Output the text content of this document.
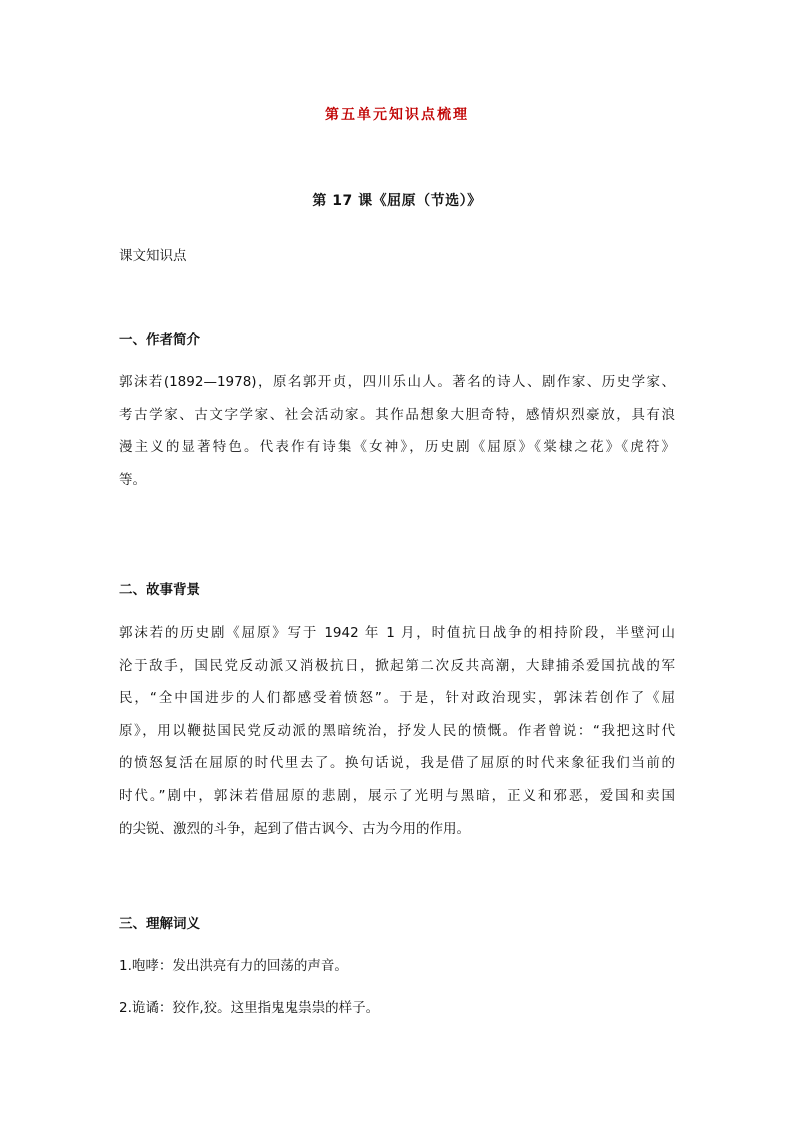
第五单元知识点梳理
第 17 课《屈原（节选）》
课文知识点
一、作者简介
郭沫若(1892—1978)，原名郭开贞，四川乐山人。著名的诗人、剧作家、历史学家、
考古学家、古文字学家、社会活动家。其作品想象大胆奇特，感情炽烈豪放，具有浪
漫主义的显著特色。代表作有诗集《女神》，历史剧《屈原》《棠棣之花》《虎符》
等。
二、故事背景
郭沫若的历史剧《屈原》写于 1942 年 1 月，时值抗日战争的相持阶段，半壁河山
沦于敌手，国民党反动派又消极抗日，掀起第二次反共高潮，大肆捕杀爱国抗战的军
民，“全中国进步的人们都感受着愤怒”。于是，针对政治现实，郭沫若创作了《屈
原》，用以鞭挞国民党反动派的黑暗统治，抒发人民的愤慨。作者曾说：“我把这时代
的愤怒复活在屈原的时代里去了。换句话说，我是借了屈原的时代来象征我们当前的
时代。”剧中，郭沫若借屈原的悲剧，展示了光明与黑暗，正义和邪恶，爱国和卖国
的尖锐、激烈的斗争，起到了借古讽今、古为今用的作用。
三、理解词义
1.咆哮：发出洪亮有力的回荡的声音。
2.诡谲：狡作,狡。这里指鬼鬼祟祟的样子。
